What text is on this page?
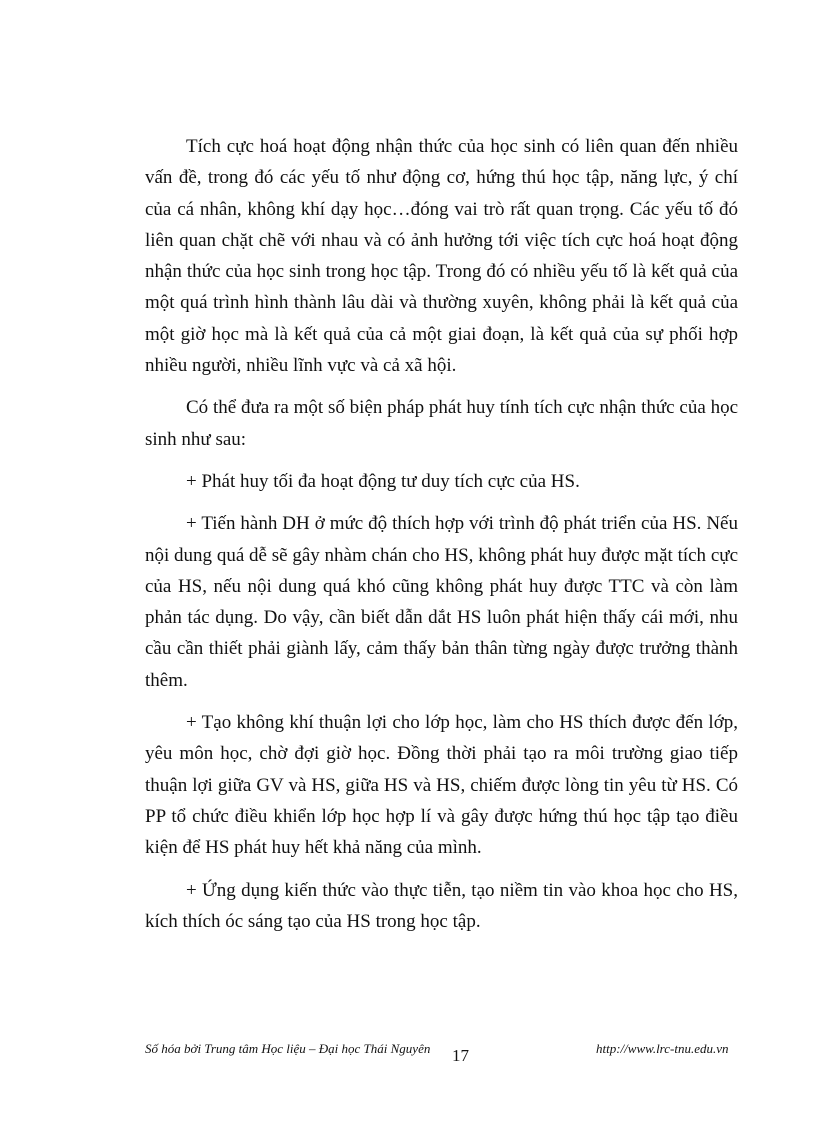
Tích cực hoá hoạt động nhận thức của học sinh có liên quan đến nhiều vấn đề, trong đó các yếu tố như động cơ, hứng thú học tập, năng lực, ý chí của cá nhân, không khí dạy học…đóng vai trò rất quan trọng. Các yếu tố đó liên quan chặt chẽ với nhau và có ảnh hưởng tới việc tích cực hoá hoạt động nhận thức của học sinh trong học tập. Trong đó có nhiều yếu tố là kết quả của một quá trình hình thành lâu dài và thường xuyên, không phải là kết quả của một giờ học mà là kết quả của cả một giai đoạn, là kết quả của sự phối hợp nhiều người, nhiều lĩnh vực và cả xã hội.

Có thể đưa ra một số biện pháp phát huy tính tích cực nhận thức của học sinh như sau:

+ Phát huy tối đa hoạt động tư duy tích cực của HS.

+ Tiến hành DH ở mức độ thích hợp với trình độ phát triển của HS. Nếu nội dung quá dễ sẽ gây nhàm chán cho HS, không phát huy được mặt tích cực của HS, nếu nội dung quá khó cũng không phát huy được TTC và còn làm phản tác dụng. Do vậy, cần biết dẫn dắt HS luôn phát hiện thấy cái mới, nhu cầu cần thiết phải giành lấy, cảm thấy bản thân từng ngày được trưởng thành thêm.

+ Tạo không khí thuận lợi cho lớp học, làm cho HS thích được đến lớp, yêu môn học, chờ đợi giờ học. Đồng thời phải tạo ra môi trường giao tiếp thuận lợi giữa GV và HS, giữa HS và HS, chiếm được lòng tin yêu từ HS. Có PP tổ chức điều khiển lớp học hợp lí và gây được hứng thú học tập tạo điều kiện để HS phát huy hết khả năng của mình.

+ Ứng dụng kiến thức vào thực tiễn, tạo niềm tin vào khoa học cho HS, kích thích óc sáng tạo của HS trong học tập.

Số hóa bởi Trung tâm Học liệu – Đại học Thái Nguyên 17	http://www.lrc-tnu.edu.vn
